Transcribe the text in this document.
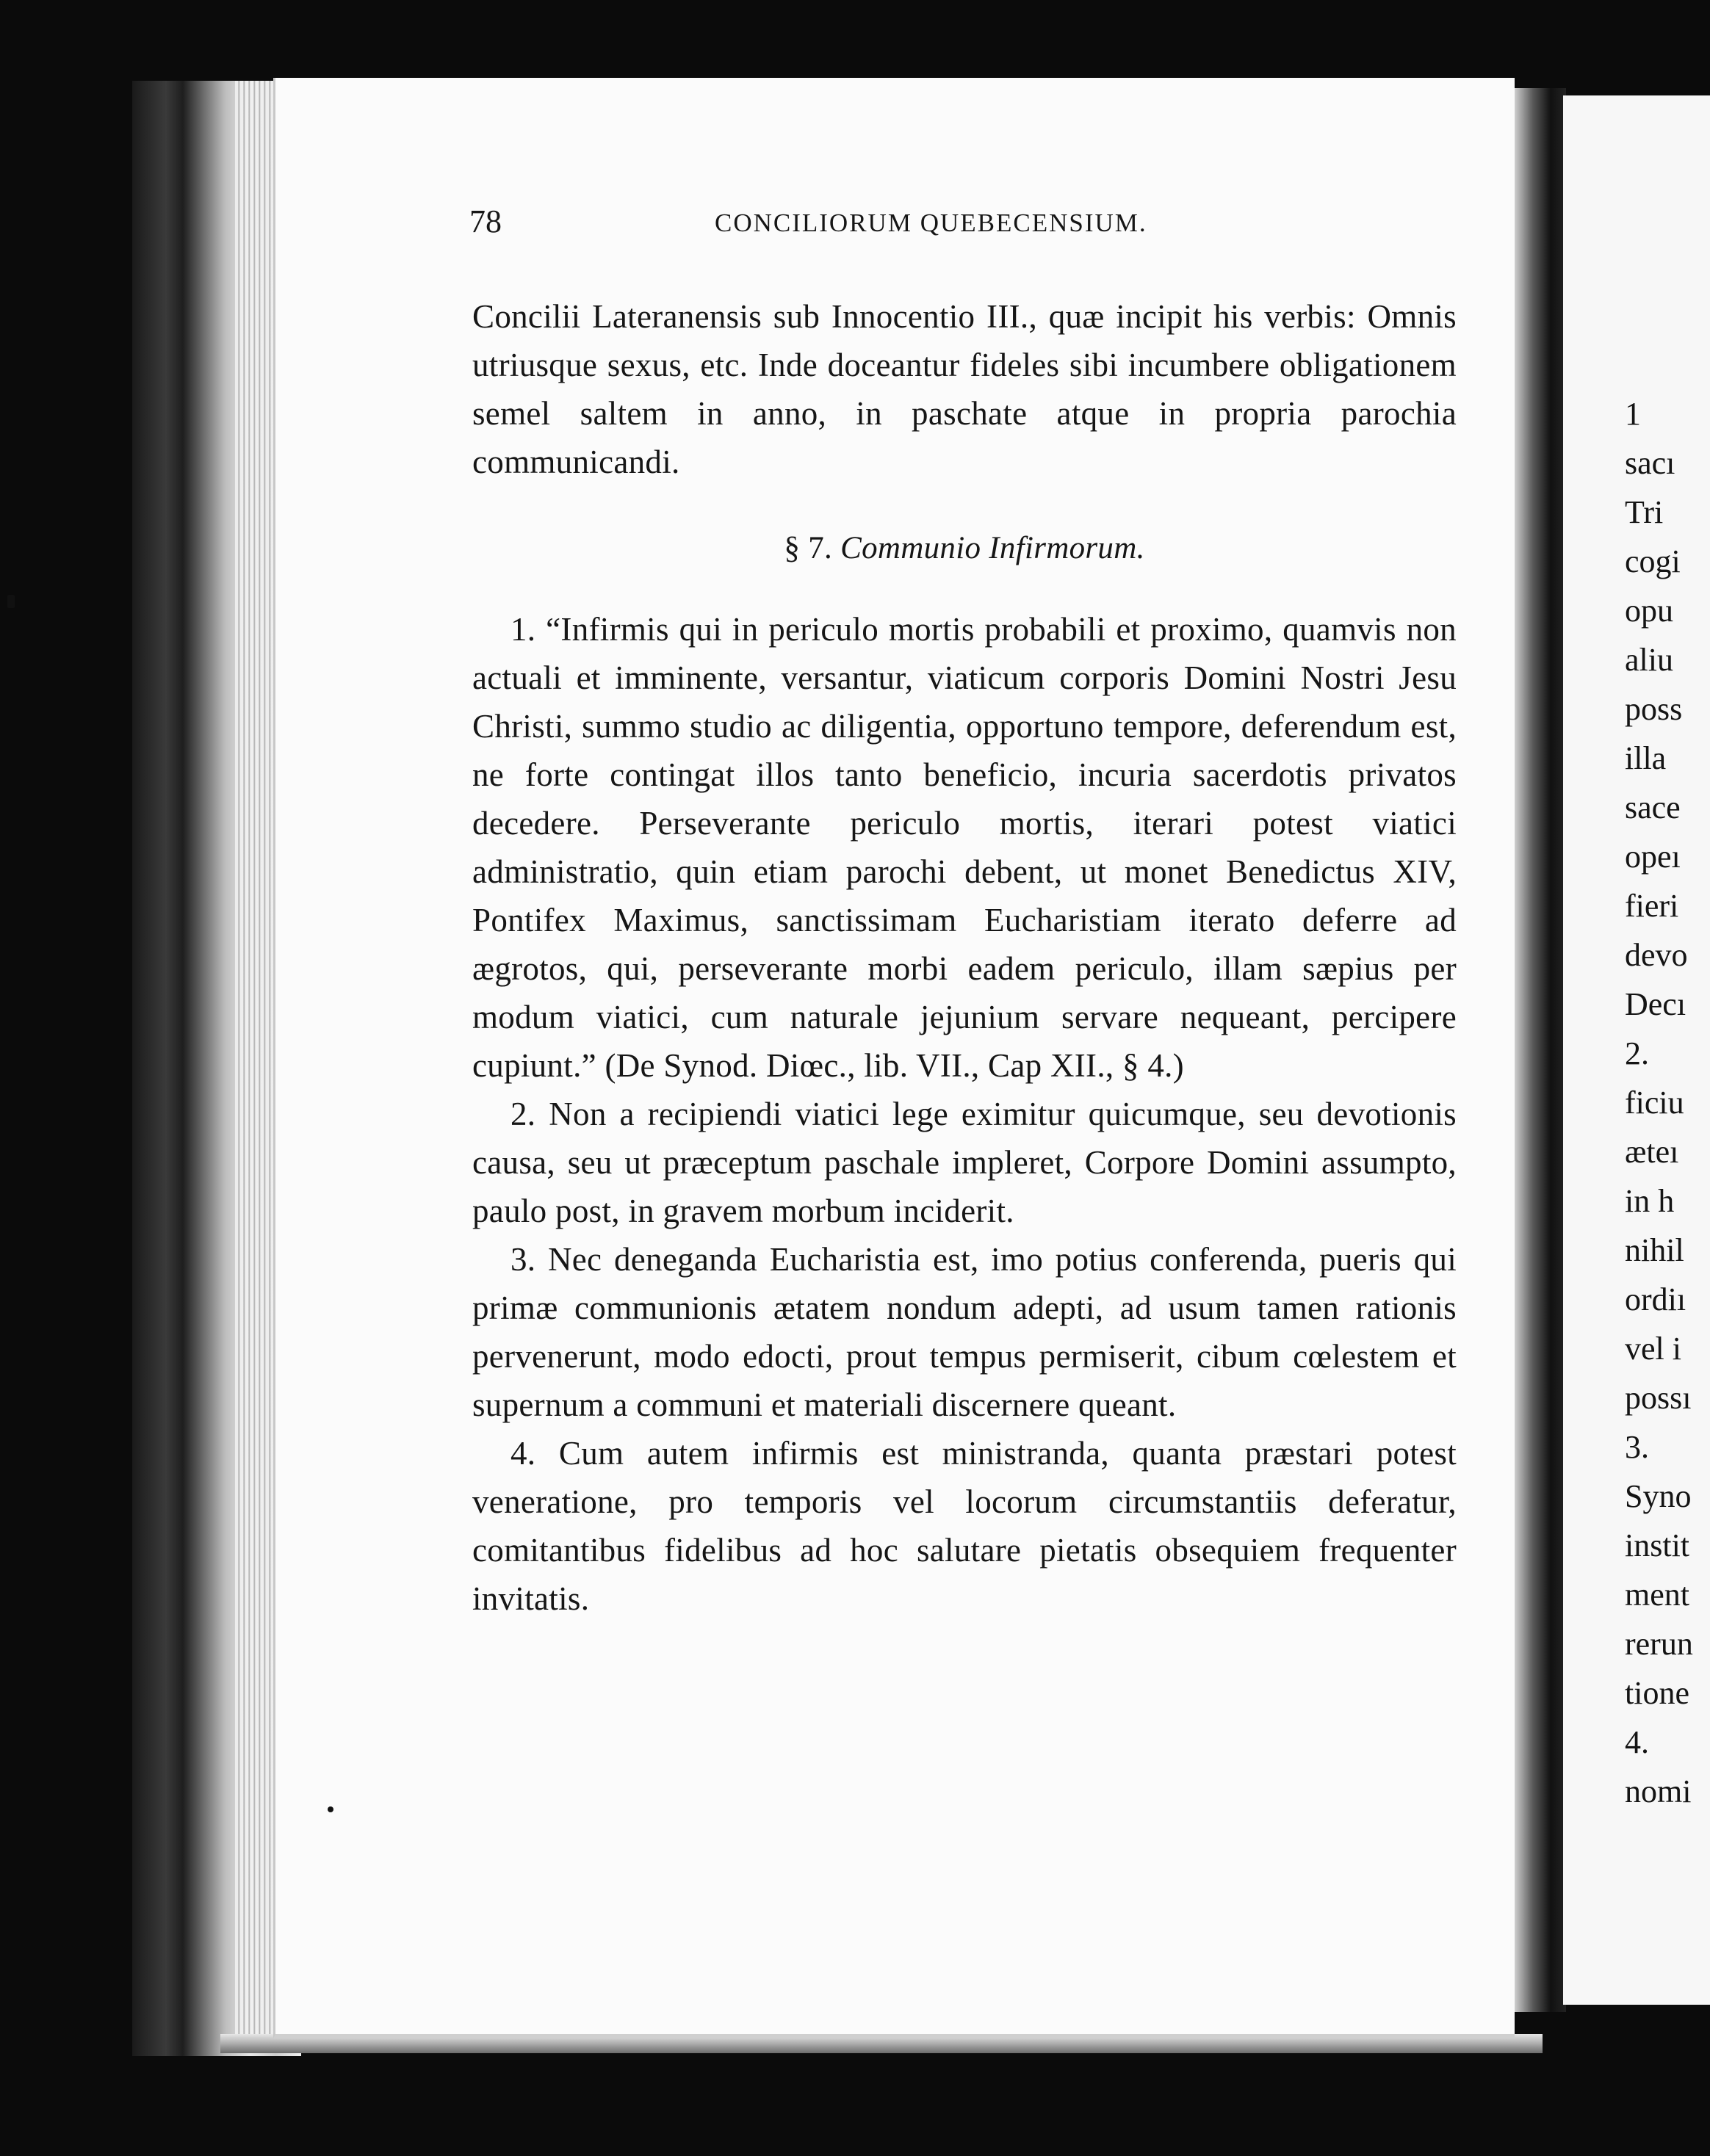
78	CONCILIORUM QUEBECENSIUM.

Concilii Lateranensis sub Innocentio III., quæ incipit his verbis: Omnis utriusque sexus, etc. Inde doceantur fideles sibi incumbere obligationem semel saltem in anno, in paschate atque in propria parochia communicandi.

§ 7. Communio Infirmorum.

1. “Infirmis qui in periculo mortis probabili et proximo, quamvis non actuali et imminente, versantur, viaticum corporis Domini Nostri Jesu Christi, summo studio ac diligentia, opportuno tempore, deferendum est, ne forte contingat illos tanto beneficio, incuria sacerdotis privatos decedere. Perseverante periculo mortis, iterari potest viatici administratio, quin etiam parochi debent, ut monet Benedictus XIV, Pontifex Maximus, sanctissimam Eucharistiam iterato deferre ad ægrotos, qui, perseverante morbi eadem periculo, illam sæpius per modum viatici, cum naturale jejunium servare nequeant, percipere cupiunt.” (De Synod. Diœc., lib. VII., Cap XII., § 4.)

2. Non a recipiendi viatici lege eximitur quicumque, seu devotionis causa, seu ut præceptum paschale impleret, Corpore Domini assumpto, paulo post, in gravem morbum inciderit.

3. Nec deneganda Eucharistia est, imo potius conferenda, pueris qui primæ communionis ætatem nondum adepti, ad usum tamen rationis pervenerunt, modo edocti, prout tempus permiserit, cibum cœlestem et supernum a communi et materiali discernere queant.

4. Cum autem infirmis est ministranda, quanta præstari potest veneratione, pro temporis vel locorum circumstantiis deferatur, comitantibus fidelibus ad hoc salutare pietatis obsequiem frequenter invitatis.

1
sacı
Tri
cogi
opu
aliu
poss
illa
sace
opeı
fieri
devo
Decı
2.
ficiu
æteı
in h
nihil
ordiı
vel i
possı
3.
Syno
instit
ment
rerun
tione
4.
nomi
